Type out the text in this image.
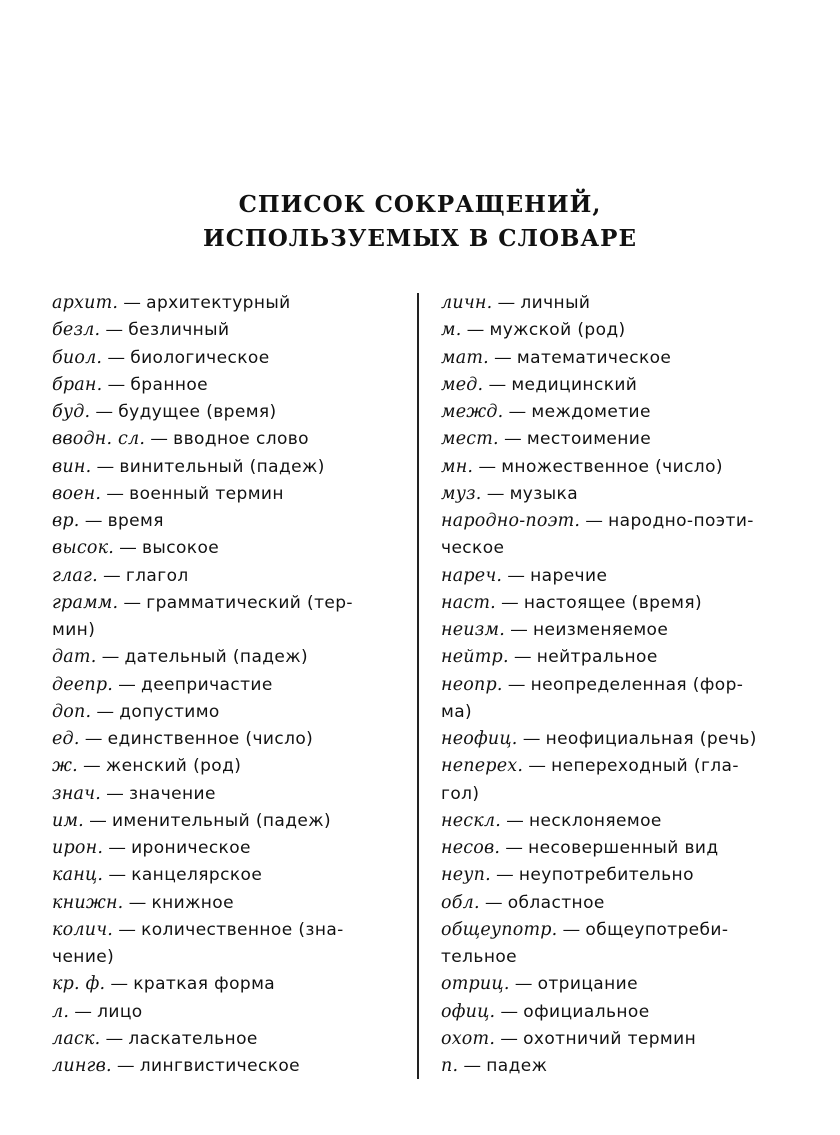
СПИСОК СОКРАЩЕНИЙ,
ИСПОЛЬЗУЕМЫХ В СЛОВАРЕ
архит. — архитектурный
безл. — безличный
биол. — биологическое
бран. — бранное
буд. — будущее (время)
вводн. сл. — вводное слово
вин. — винительный (падеж)
воен. — военный термин
вр. — время
высок. — высокое
глаг. — глагол
грамм. — грамматический (тер-
мин)
дат. — дательный (падеж)
деепр. — деепричастие
доп. — допустимо
ед. — единственное (число)
ж. — женский (род)
знач. — значение
им. — именительный (падеж)
ирон. — ироническое
канц. — канцелярское
книжн. — книжное
колич. — количественное (зна-
чение)
кр. ф. — краткая форма
л. — лицо
ласк. — ласкательное
лингв. — лингвистическое
личн. — личный
м. — мужской (род)
мат. — математическое
мед. — медицинский
межд. — междометие
мест. — местоимение
мн. — множественное (число)
муз. — музыка
народно-поэт. — народно-поэти-
ческое
нареч. — наречие
наст. — настоящее (время)
неизм. — неизменяемое
нейтр. — нейтральное
неопр. — неопределенная (фор-
ма)
неофиц. — неофициальная (речь)
неперех. — непереходный (гла-
гол)
нескл. — несклоняемое
несов. — несовершенный вид
неуп. — неупотребительно
обл. — областное
общеупотр. — общеупотреби-
тельное
отриц. — отрицание
офиц. — официальное
охот. — охотничий термин
п. — падеж
